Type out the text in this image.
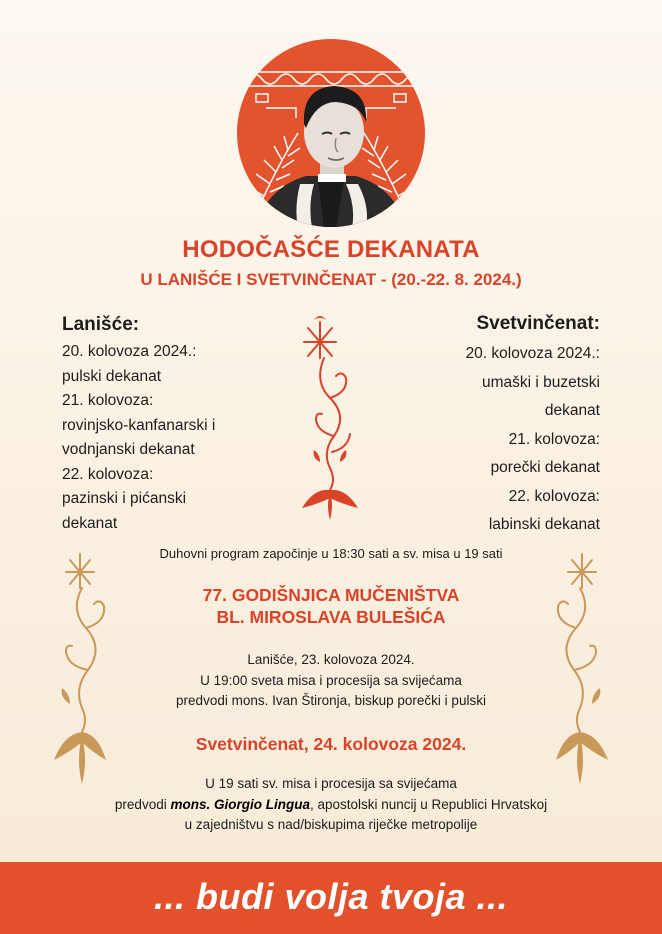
HODOČAŠĆE DEKANATA
U LANIŠĆE I SVETVINČENAT - (20.-22. 8. 2024.)
Lanišće:
20. kolovoza 2024.:
pulski dekanat
21. kolovoza:
rovinjsko-kanfanarski i
vodnjanski dekanat
22. kolovoza:
pazinski i pićanski
dekanat
Svetvinčenat:
20. kolovoza 2024.:
umaški i buzetski
dekanat
21. kolovoza:
porečki dekanat
22. kolovoza:
labinski dekanat
Duhovni program započinje u 18:30 sati a sv. misa u 19 sati
77. GODIŠNJICA MUČENIŠTVA
BL. MIROSLAVA BULEŠIĆA
Lanišće, 23. kolovoza 2024.
U 19:00 sveta misa i procesija sa svijećama
predvodi mons. Ivan Štironja, biskup porečki i pulski
Svetvinčenat, 24. kolovoza 2024.
U 19 sati sv. misa i procesija sa svijećama
predvodi mons. Giorgio Lingua, apostolski nuncij u Republici Hrvatskoj
u zajedništvu s nad/biskupima riječke metropolije
... budi volja tvoja ...
